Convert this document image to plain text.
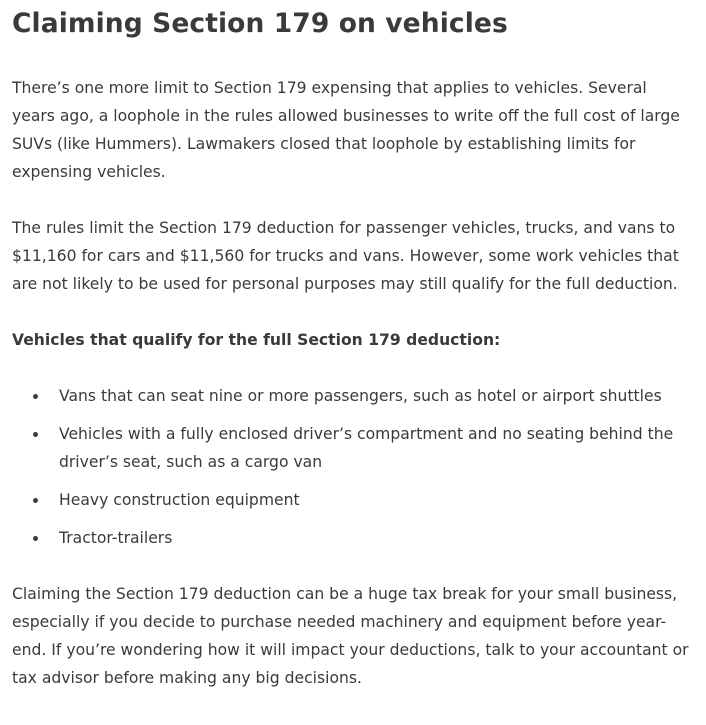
Claiming Section 179 on vehicles

There’s one more limit to Section 179 expensing that applies to vehicles. Several years ago, a loophole in the rules allowed businesses to write off the full cost of large SUVs (like Hummers). Lawmakers closed that loophole by establishing limits for expensing vehicles.

The rules limit the Section 179 deduction for passenger vehicles, trucks, and vans to $11,160 for cars and $11,560 for trucks and vans. However, some work vehicles that are not likely to be used for personal purposes may still qualify for the full deduction.

Vehicles that qualify for the full Section 179 deduction:

Vans that can seat nine or more passengers, such as hotel or airport shuttles
Vehicles with a fully enclosed driver’s compartment and no seating behind the driver’s seat, such as a cargo van
Heavy construction equipment
Tractor-trailers

Claiming the Section 179 deduction can be a huge tax break for your small business, especially if you decide to purchase needed machinery and equipment before year-end. If you’re wondering how it will impact your deductions, talk to your accountant or tax advisor before making any big decisions.
